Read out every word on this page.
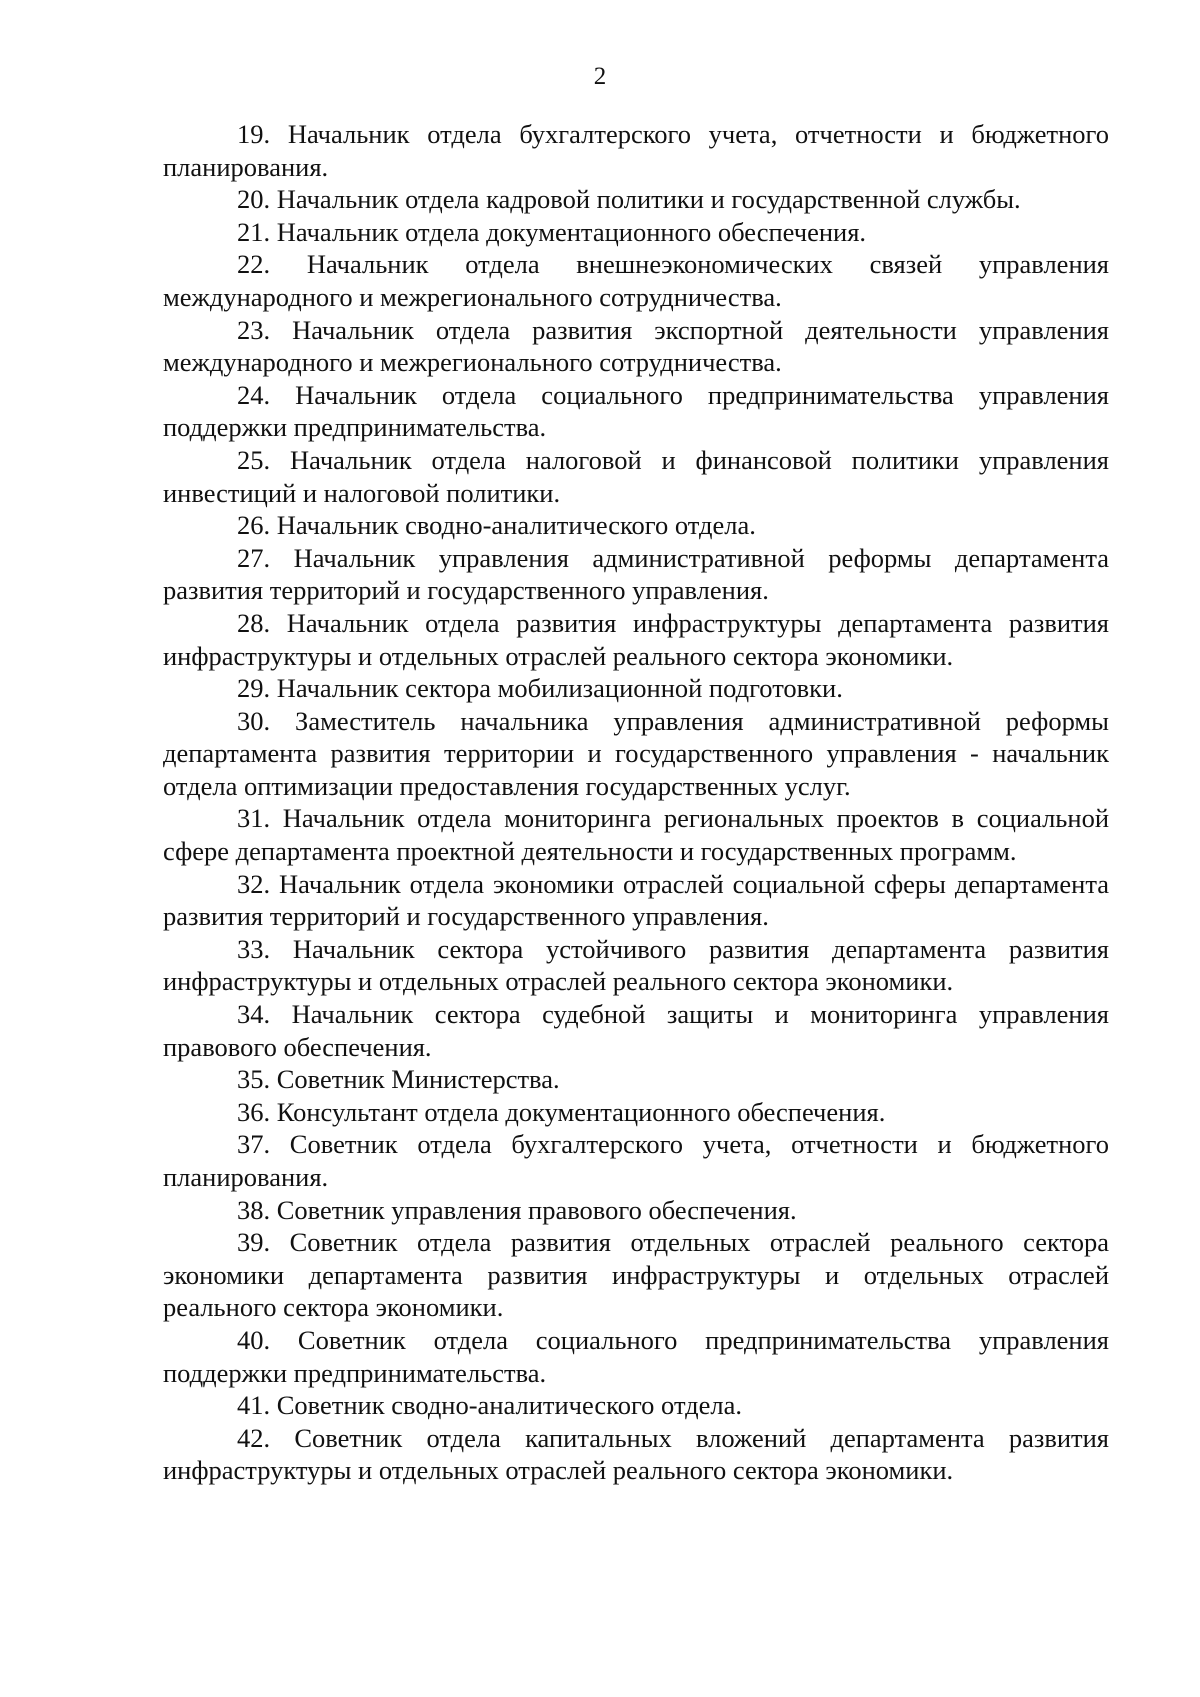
2

19. Начальник отдела бухгалтерского учета, отчетности и бюджетного планирования.

20. Начальник отдела кадровой политики и государственной службы.

21. Начальник отдела документационного обеспечения.

22. Начальник отдела внешнеэкономических связей управления международного и межрегионального сотрудничества.

23. Начальник отдела развития экспортной деятельности управления международного и межрегионального сотрудничества.

24. Начальник отдела социального предпринимательства управления поддержки предпринимательства.

25. Начальник отдела налоговой и финансовой политики управления инвестиций и налоговой политики.

26. Начальник сводно-аналитического отдела.

27. Начальник управления административной реформы департамента развития территорий и государственного управления.

28. Начальник отдела развития инфраструктуры департамента развития инфраструктуры и отдельных отраслей реального сектора экономики.

29. Начальник сектора мобилизационной подготовки.

30. Заместитель начальника управления административной реформы департамента развития территории и государственного управления - начальник отдела оптимизации предоставления государственных услуг.

31. Начальник отдела мониторинга региональных проектов в социальной сфере департамента проектной деятельности и государственных программ.

32. Начальник отдела экономики отраслей социальной сферы департамента развития территорий и государственного управления.

33. Начальник сектора устойчивого развития департамента развития инфраструктуры и отдельных отраслей реального сектора экономики.

34. Начальник сектора судебной защиты и мониторинга управления правового обеспечения.

35. Советник Министерства.

36. Консультант отдела документационного обеспечения.

37. Советник отдела бухгалтерского учета, отчетности и бюджетного планирования.

38. Советник управления правового обеспечения.

39. Советник отдела развития отдельных отраслей реального сектора экономики департамента развития инфраструктуры и отдельных отраслей реального сектора экономики.

40. Советник отдела социального предпринимательства управления поддержки предпринимательства.

41. Советник сводно-аналитического отдела.

42. Советник отдела капитальных вложений департамента развития инфраструктуры и отдельных отраслей реального сектора экономики.
